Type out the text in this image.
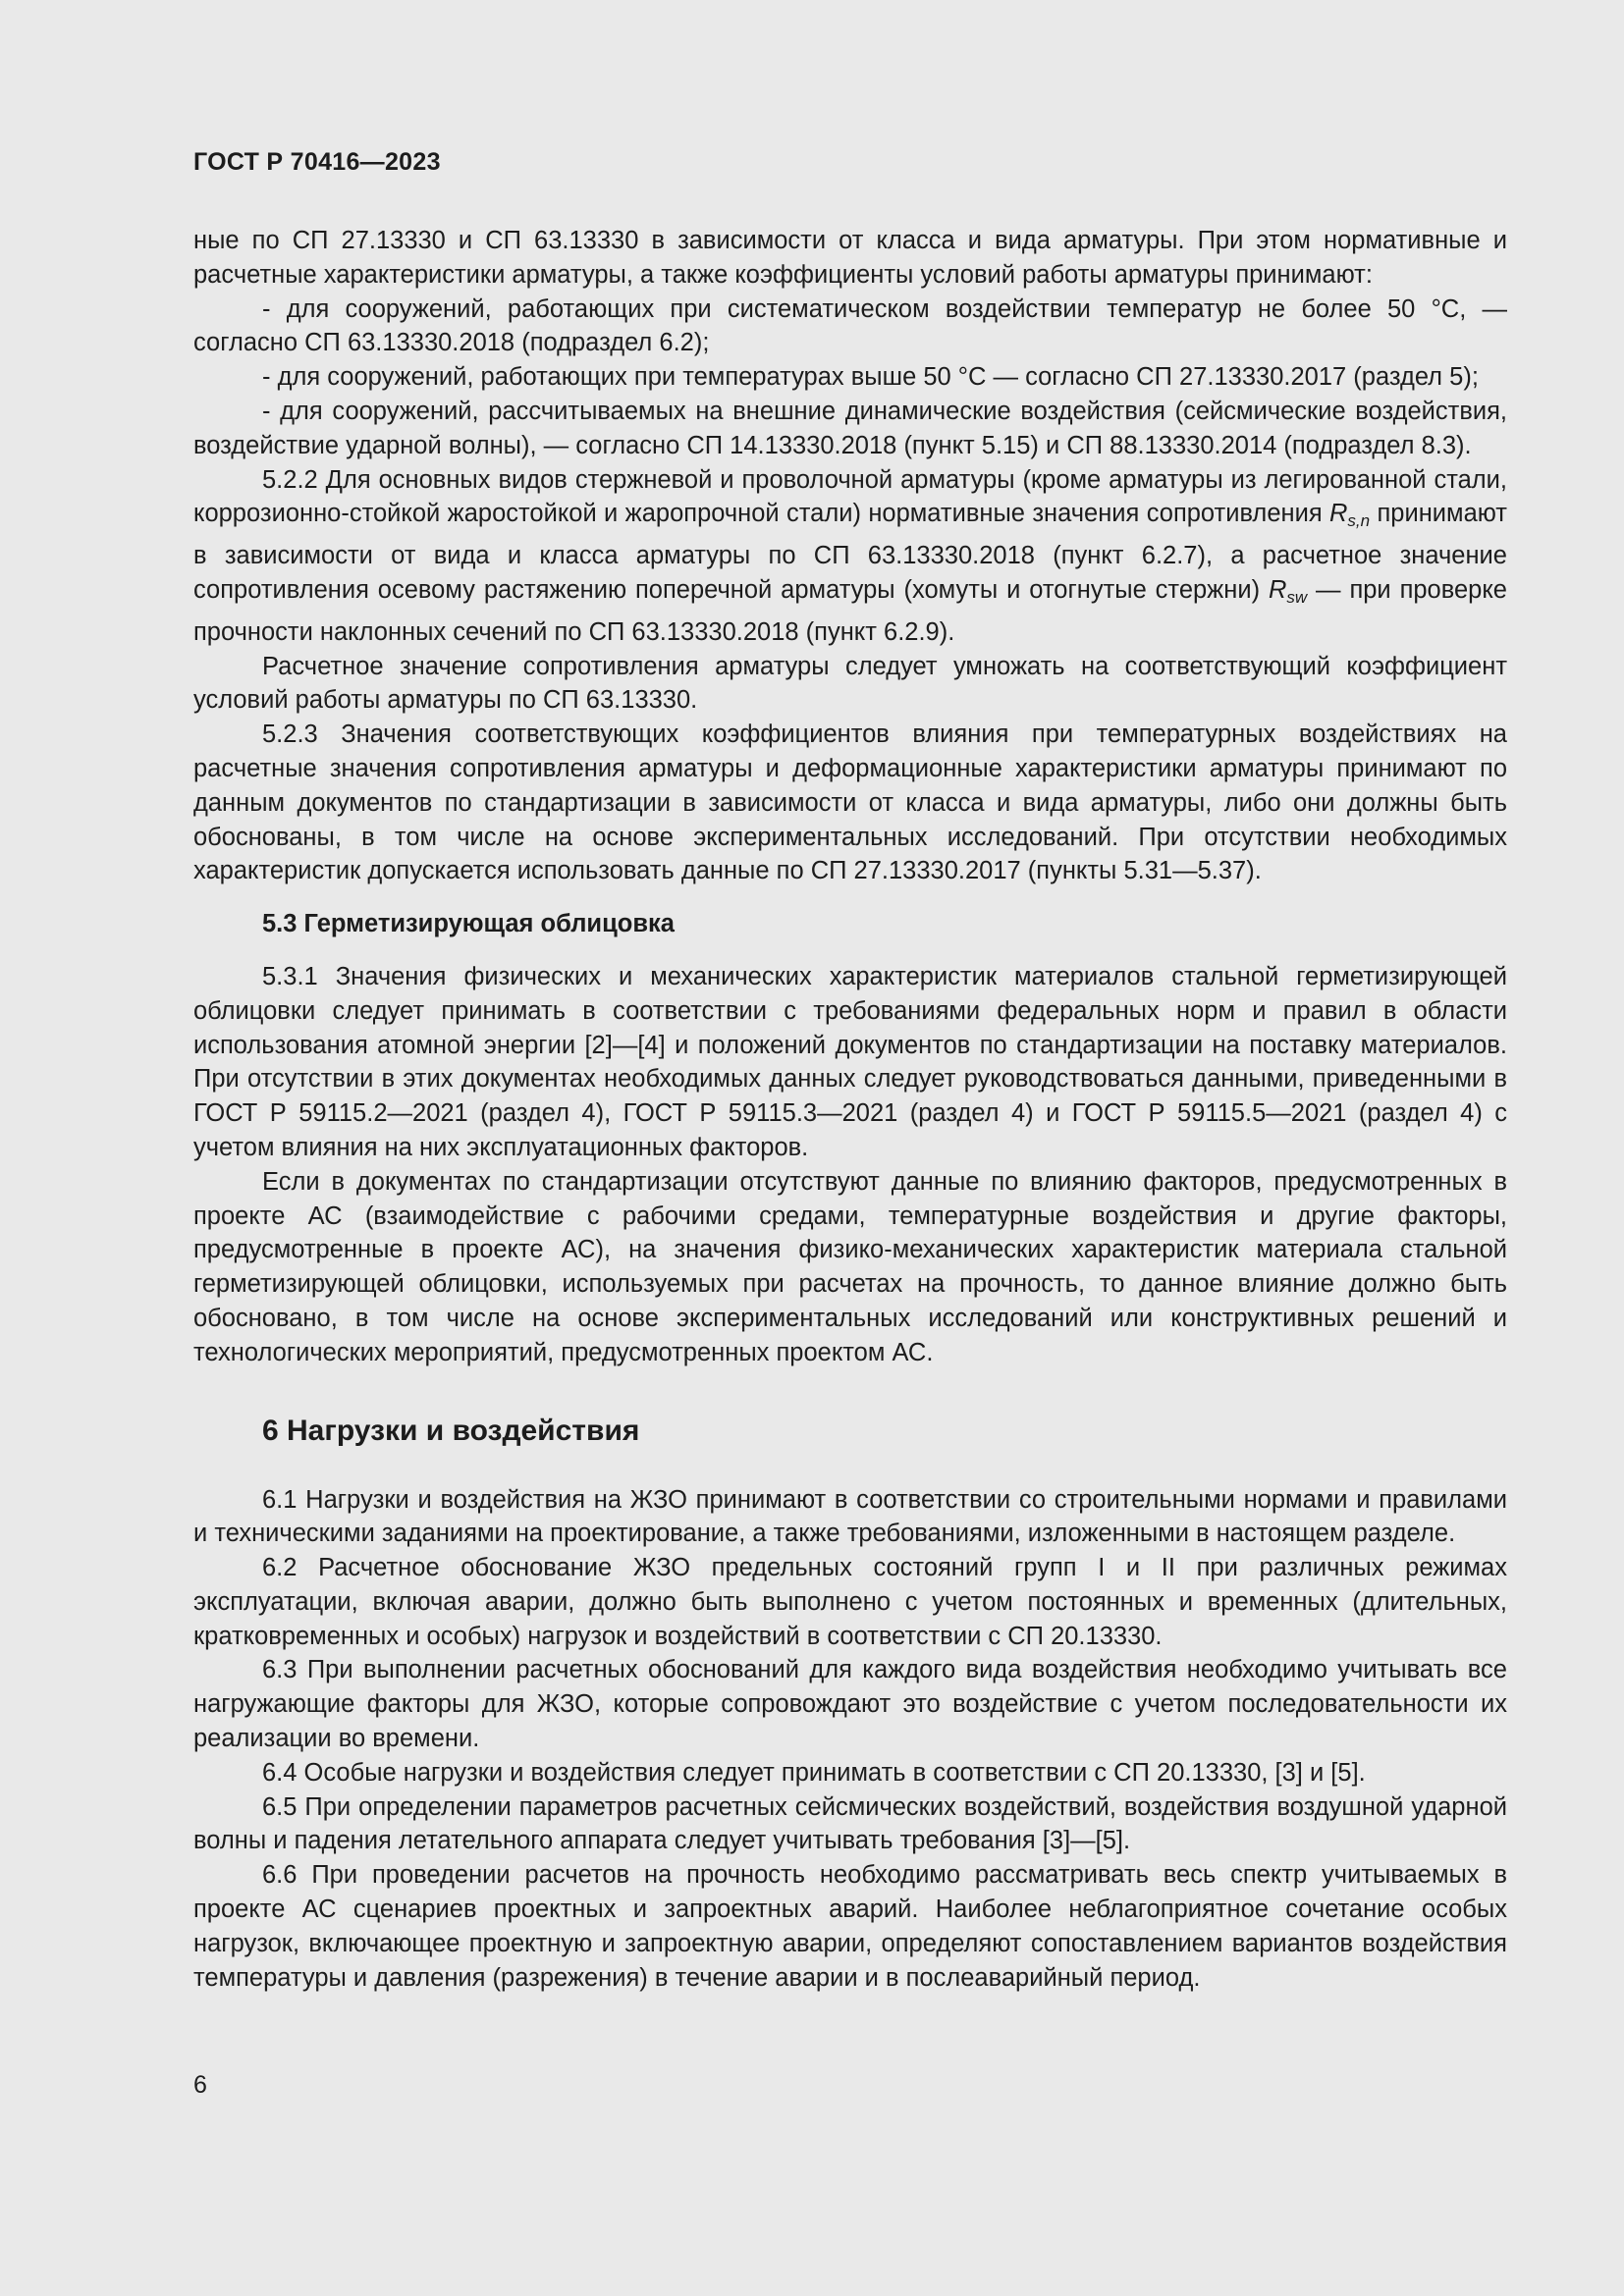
ГОСТ Р 70416—2023

ные по СП 27.13330 и СП 63.13330 в зависимости от класса и вида арматуры. При этом нормативные и расчетные характеристики арматуры, а также коэффициенты условий работы арматуры принимают:

- для сооружений, работающих при систематическом воздействии температур не более 50 °С, — согласно СП 63.13330.2018 (подраздел 6.2);

- для сооружений, работающих при температурах выше 50 °С — согласно СП 27.13330.2017 (раздел 5);

- для сооружений, рассчитываемых на внешние динамические воздействия (сейсмические воздействия, воздействие ударной волны), — согласно СП 14.13330.2018 (пункт 5.15) и СП 88.13330.2014 (подраздел 8.3).

5.2.2 Для основных видов стержневой и проволочной арматуры (кроме арматуры из легированной стали, коррозионно-стойкой жаростойкой и жаропрочной стали) нормативные значения сопротивления $R_{s,n}$ принимают в зависимости от вида и класса арматуры по СП 63.13330.2018 (пункт 6.2.7), а расчетное значение сопротивления осевому растяжению поперечной арматуры (хомуты и отогнутые стержни) $R_{sw}$ — при проверке прочности наклонных сечений по СП 63.13330.2018 (пункт 6.2.9).

Расчетное значение сопротивления арматуры следует умножать на соответствующий коэффициент условий работы арматуры по СП 63.13330.

5.2.3 Значения соответствующих коэффициентов влияния при температурных воздействиях на расчетные значения сопротивления арматуры и деформационные характеристики арматуры принимают по данным документов по стандартизации в зависимости от класса и вида арматуры, либо они должны быть обоснованы, в том числе на основе экспериментальных исследований. При отсутствии необходимых характеристик допускается использовать данные по СП 27.13330.2017 (пункты 5.31—5.37).

5.3 Герметизирующая облицовка

5.3.1 Значения физических и механических характеристик материалов стальной герметизирующей облицовки следует принимать в соответствии с требованиями федеральных норм и правил в области использования атомной энергии [2]—[4] и положений документов по стандартизации на поставку материалов. При отсутствии в этих документах необходимых данных следует руководствоваться данными, приведенными в ГОСТ Р 59115.2—2021 (раздел 4), ГОСТ Р 59115.3—2021 (раздел 4) и ГОСТ Р 59115.5—2021 (раздел 4) с учетом влияния на них эксплуатационных факторов.

Если в документах по стандартизации отсутствуют данные по влиянию факторов, предусмотренных в проекте АС (взаимодействие с рабочими средами, температурные воздействия и другие факторы, предусмотренные в проекте АС), на значения физико-механических характеристик материала стальной герметизирующей облицовки, используемых при расчетах на прочность, то данное влияние должно быть обосновано, в том числе на основе экспериментальных исследований или конструктивных решений и технологических мероприятий, предусмотренных проектом АС.

6 Нагрузки и воздействия

6.1 Нагрузки и воздействия на ЖЗО принимают в соответствии со строительными нормами и правилами и техническими заданиями на проектирование, а также требованиями, изложенными в настоящем разделе.

6.2 Расчетное обоснование ЖЗО предельных состояний групп I и II при различных режимах эксплуатации, включая аварии, должно быть выполнено с учетом постоянных и временных (длительных, кратковременных и особых) нагрузок и воздействий в соответствии с СП 20.13330.

6.3 При выполнении расчетных обоснований для каждого вида воздействия необходимо учитывать все нагружающие факторы для ЖЗО, которые сопровождают это воздействие с учетом последовательности их реализации во времени.

6.4 Особые нагрузки и воздействия следует принимать в соответствии с СП 20.13330, [3] и [5].

6.5 При определении параметров расчетных сейсмических воздействий, воздействия воздушной ударной волны и падения летательного аппарата следует учитывать требования [3]—[5].

6.6 При проведении расчетов на прочность необходимо рассматривать весь спектр учитываемых в проекте АС сценариев проектных и запроектных аварий. Наиболее неблагоприятное сочетание особых нагрузок, включающее проектную и запроектную аварии, определяют сопоставлением вариантов воздействия температуры и давления (разрежения) в течение аварии и в послеаварийный период.

6
